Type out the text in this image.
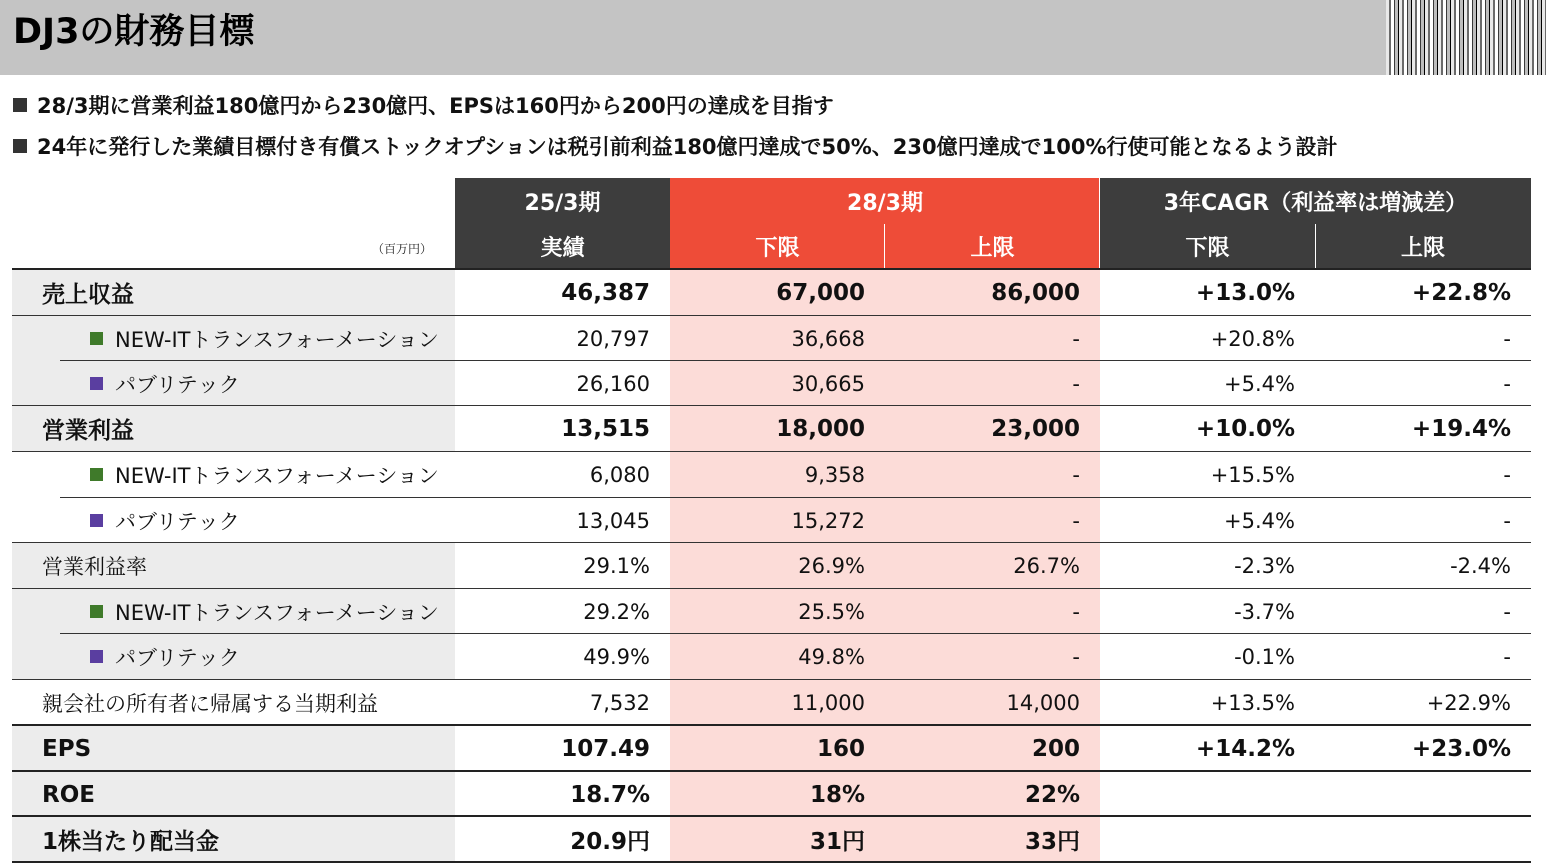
DJ3の財務目標
28/3期に営業利益180億円から230億円、EPSは160円から200円の達成を目指す
24年に発行した業績目標付き有償ストックオプションは税引前利益180億円達成で50%、230億円達成で100%行使可能となるよう設計
（百万円）
25/3期
実績
28/3期
下限	上限
3年CAGR（利益率は増減差）
下限	上限
売上収益	46,387	67,000	86,000	+13.0%	+22.8%
NEW-ITトランスフォーメーション	20,797	36,668	-	+20.8%	-
パブリテック	26,160	30,665	-	+5.4%	-
営業利益	13,515	18,000	23,000	+10.0%	+19.4%
NEW-ITトランスフォーメーション	6,080	9,358	-	+15.5%	-
パブリテック	13,045	15,272	-	+5.4%	-
営業利益率	29.1%	26.9%	26.7%	-2.3%	-2.4%
NEW-ITトランスフォーメーション	29.2%	25.5%	-	-3.7%	-
パブリテック	49.9%	49.8%	-	-0.1%	-
親会社の所有者に帰属する当期利益	7,532	11,000	14,000	+13.5%	+22.9%
EPS	107.49	160	200	+14.2%	+23.0%
ROE	18.7%	18%	22%
1株当たり配当金	20.9円	31円	33円
